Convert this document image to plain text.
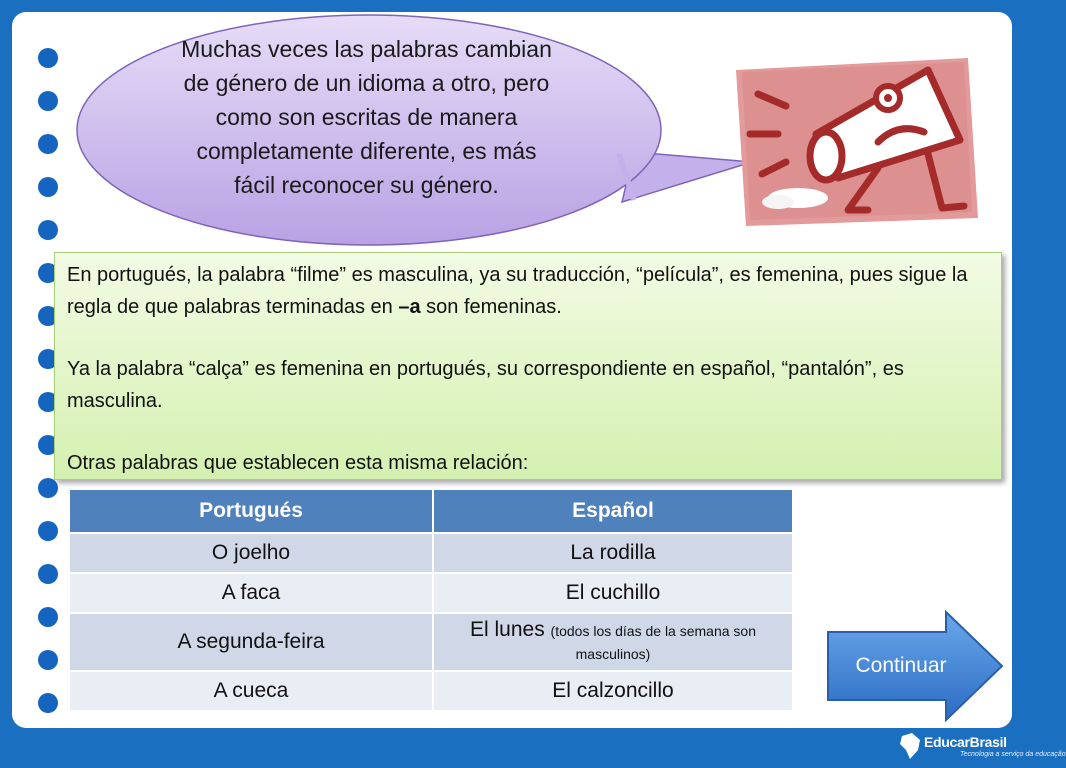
Muchas veces las palabras cambian de género de un idioma a otro, pero como son escritas de manera completamente diferente, es más fácil reconocer su género.

En portugués, la palabra “filme” es masculina, ya su traducción, “película”, es femenina, pues sigue la regla de que palabras terminadas en –a son femeninas.

Ya la palabra “calça” es femenina en portugués, su correspondiente en español, “pantalón”, es masculina.

Otras palabras que establecen esta misma relación:

Portugués	Español
O joelho	La rodilla
A faca	El cuchillo
A segunda-feira	El lunes (todos los días de la semana son masculinos)
A cueca	El calzoncillo
Continuar
EducarBrasil
Tecnologia a serviço da educação
